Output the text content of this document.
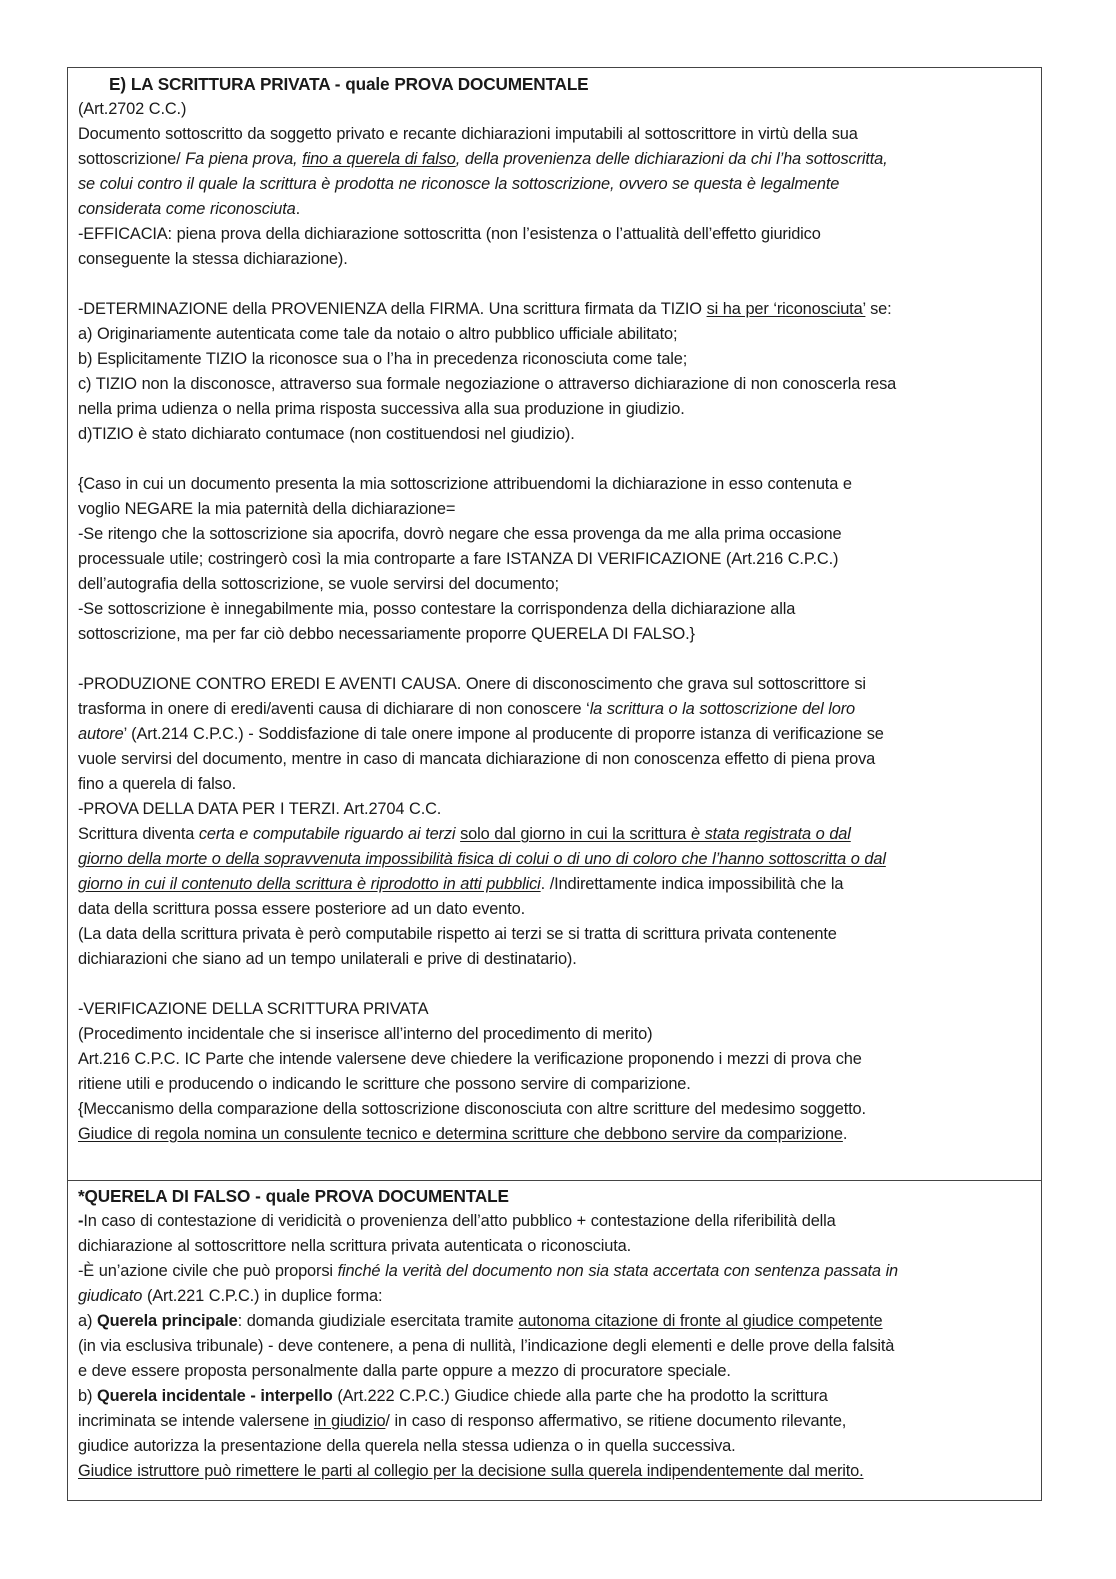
E) LA SCRITTURA PRIVATA - quale PROVA DOCUMENTALE
(Art.2702 C.C.)
Documento sottoscritto da soggetto privato e recante dichiarazioni imputabili al sottoscrittore in virtù della sua
sottoscrizione/ Fa piena prova, fino a querela di falso, della provenienza delle dichiarazioni da chi l’ha sottoscritta,
se colui contro il quale la scrittura è prodotta ne riconosce la sottoscrizione, ovvero se questa è legalmente
considerata come riconosciuta.
-EFFICACIA: piena prova della dichiarazione sottoscritta (non l’esistenza o l’attualità dell’effetto giuridico
conseguente la stessa dichiarazione).
-DETERMINAZIONE della PROVENIENZA della FIRMA. Una scrittura firmata da TIZIO si ha per ‘riconosciuta’ se:
a) Originariamente autenticata come tale da notaio o altro pubblico ufficiale abilitato;
b) Esplicitamente TIZIO la riconosce sua o l’ha in precedenza riconosciuta come tale;
c) TIZIO non la disconosce, attraverso sua formale negoziazione o attraverso dichiarazione di non conoscerla resa
nella prima udienza o nella prima risposta successiva alla sua produzione in giudizio.
d)TIZIO è stato dichiarato contumace (non costituendosi nel giudizio).
{Caso in cui un documento presenta la mia sottoscrizione attribuendomi la dichiarazione in esso contenuta e
voglio NEGARE la mia paternità della dichiarazione=
-Se ritengo che la sottoscrizione sia apocrifa, dovrò negare che essa provenga da me alla prima occasione
processuale utile; costringerò così la mia controparte a fare ISTANZA DI VERIFICAZIONE (Art.216 C.P.C.)
dell’autografia della sottoscrizione, se vuole servirsi del documento;
-Se sottoscrizione è innegabilmente mia, posso contestare la corrispondenza della dichiarazione alla
sottoscrizione, ma per far ciò debbo necessariamente proporre QUERELA DI FALSO.}
-PRODUZIONE CONTRO EREDI E AVENTI CAUSA. Onere di disconoscimento che grava sul sottoscrittore si
trasforma in onere di eredi/aventi causa di dichiarare di non conoscere ‘la scrittura o la sottoscrizione del loro
autore’ (Art.214 C.P.C.) - Soddisfazione di tale onere impone al producente di proporre istanza di verificazione se
vuole servirsi del documento, mentre in caso di mancata dichiarazione di non conoscenza effetto di piena prova
fino a querela di falso.
-PROVA DELLA DATA PER I TERZI. Art.2704 C.C.
Scrittura diventa certa e computabile riguardo ai terzi solo dal giorno in cui la scrittura è stata registrata o dal
giorno della morte o della sopravvenuta impossibilità fisica di colui o di uno di coloro che l’hanno sottoscritta o dal
giorno in cui il contenuto della scrittura è riprodotto in atti pubblici. /Indirettamente indica impossibilità che la
data della scrittura possa essere posteriore ad un dato evento.
(La data della scrittura privata è però computabile rispetto ai terzi se si tratta di scrittura privata contenente
dichiarazioni che siano ad un tempo unilaterali e prive di destinatario).
-VERIFICAZIONE DELLA SCRITTURA PRIVATA
(Procedimento incidentale che si inserisce all’interno del procedimento di merito)
Art.216 C.P.C. IC Parte che intende valersene deve chiedere la verificazione proponendo i mezzi di prova che
ritiene utili e producendo o indicando le scritture che possono servire di comparizione.
{Meccanismo della comparazione della sottoscrizione disconosciuta con altre scritture del medesimo soggetto.
Giudice di regola nomina un consulente tecnico e determina scritture che debbono servire da comparizione.
*QUERELA DI FALSO - quale PROVA DOCUMENTALE
-In caso di contestazione di veridicità o provenienza dell’atto pubblico + contestazione della riferibilità della
dichiarazione al sottoscrittore nella scrittura privata autenticata o riconosciuta.
-È un’azione civile che può proporsi finché la verità del documento non sia stata accertata con sentenza passata in
giudicato (Art.221 C.P.C.) in duplice forma:
a) Querela principale: domanda giudiziale esercitata tramite autonoma citazione di fronte al giudice competente
(in via esclusiva tribunale) - deve contenere, a pena di nullità, l’indicazione degli elementi e delle prove della falsità
e deve essere proposta personalmente dalla parte oppure a mezzo di procuratore speciale.
b) Querela incidentale - interpello (Art.222 C.P.C.) Giudice chiede alla parte che ha prodotto la scrittura
incriminata se intende valersene in giudizio/ in caso di responso affermativo, se ritiene documento rilevante,
giudice autorizza la presentazione della querela nella stessa udienza o in quella successiva.
Giudice istruttore può rimettere le parti al collegio per la decisione sulla querela indipendentemente dal merito.
